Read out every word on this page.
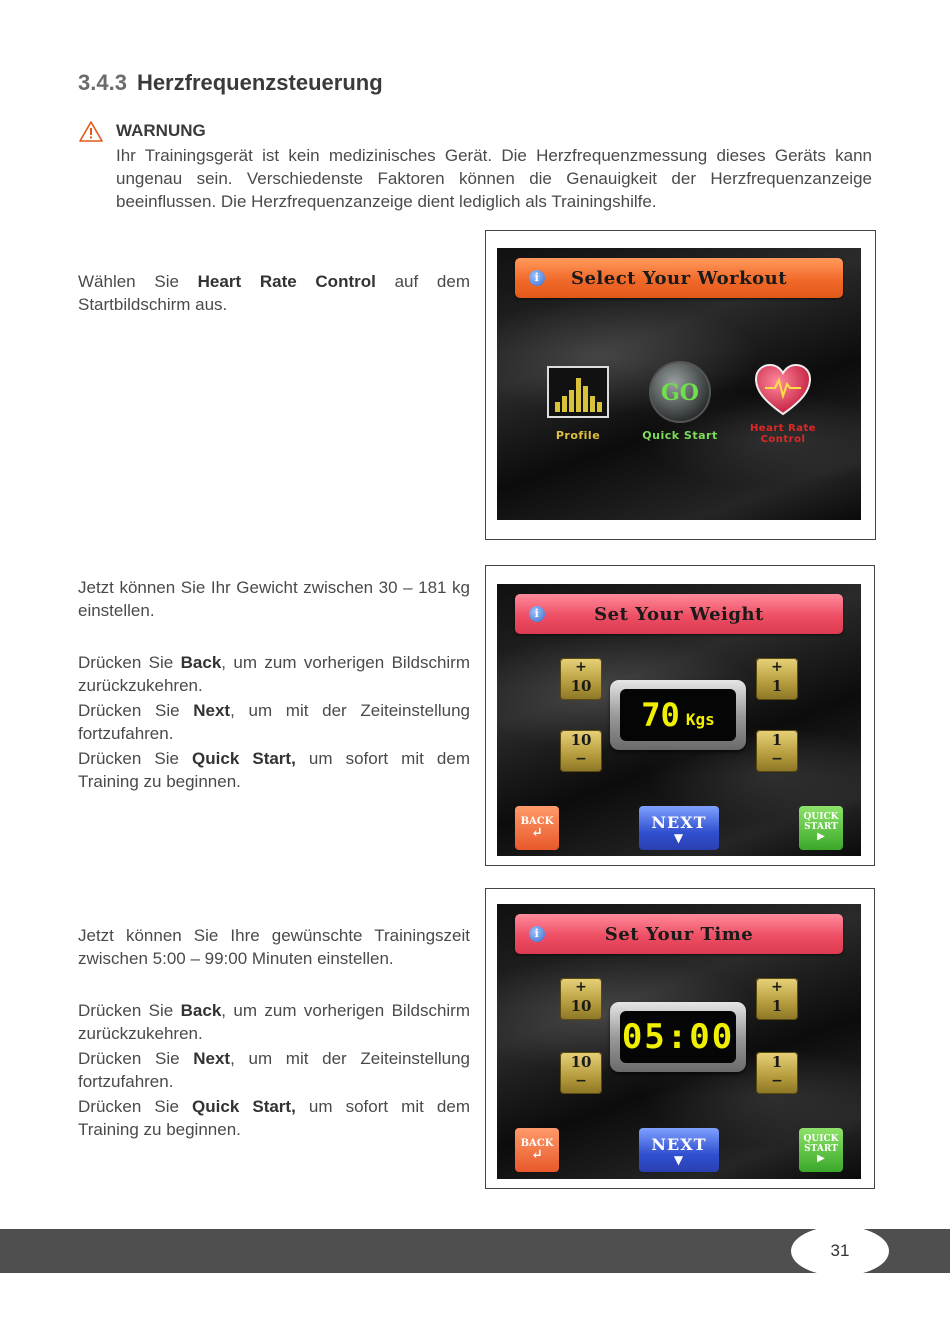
3.4.3 Herzfrequenzsteuerung
WARNUNG

Ihr Trainingsgerät ist kein medizinisches Gerät. Die Herzfrequenzmessung dieses Geräts kann ungenau sein. Verschiedenste Faktoren können die Genauigkeit der Herzfrequenzanzeige beeinflussen. Die Herzfrequenzanzeige dient lediglich als Trainingshilfe.

Wählen Sie Heart Rate Control auf dem Startbildschirm aus.

i	Select Your Workout
Profile
GO
Quick Start
Heart Rate
Control

Jetzt können Sie Ihr Gewicht zwischen 30 – 181 kg einstellen.

Drücken Sie Back, um zum vorherigen Bildschirm zurückzukehren.

Drücken Sie Next, um mit der Zeiteinstellung fortzufahren.

Drücken Sie Quick Start, um sofort mit dem Training zu beginnen.

i	Set Your Weight
+
10
10
−
+
1
1
−
70 Kgs
BACK
↵
NEXT
▼
QUICK
START
▶

Jetzt können Sie Ihre gewünschte Trainingszeit zwischen 5:00 – 99:00 Minuten einstellen.

Drücken Sie Back, um zum vorherigen Bildschirm zurückzukehren.

Drücken Sie Next, um mit der Zeiteinstellung fortzufahren.

Drücken Sie Quick Start, um sofort mit dem Training zu beginnen.

i	Set Your Time
+
10
10
−
+
1
1
−
05:00
BACK
↵
NEXT
▼
QUICK
START
▶
31
